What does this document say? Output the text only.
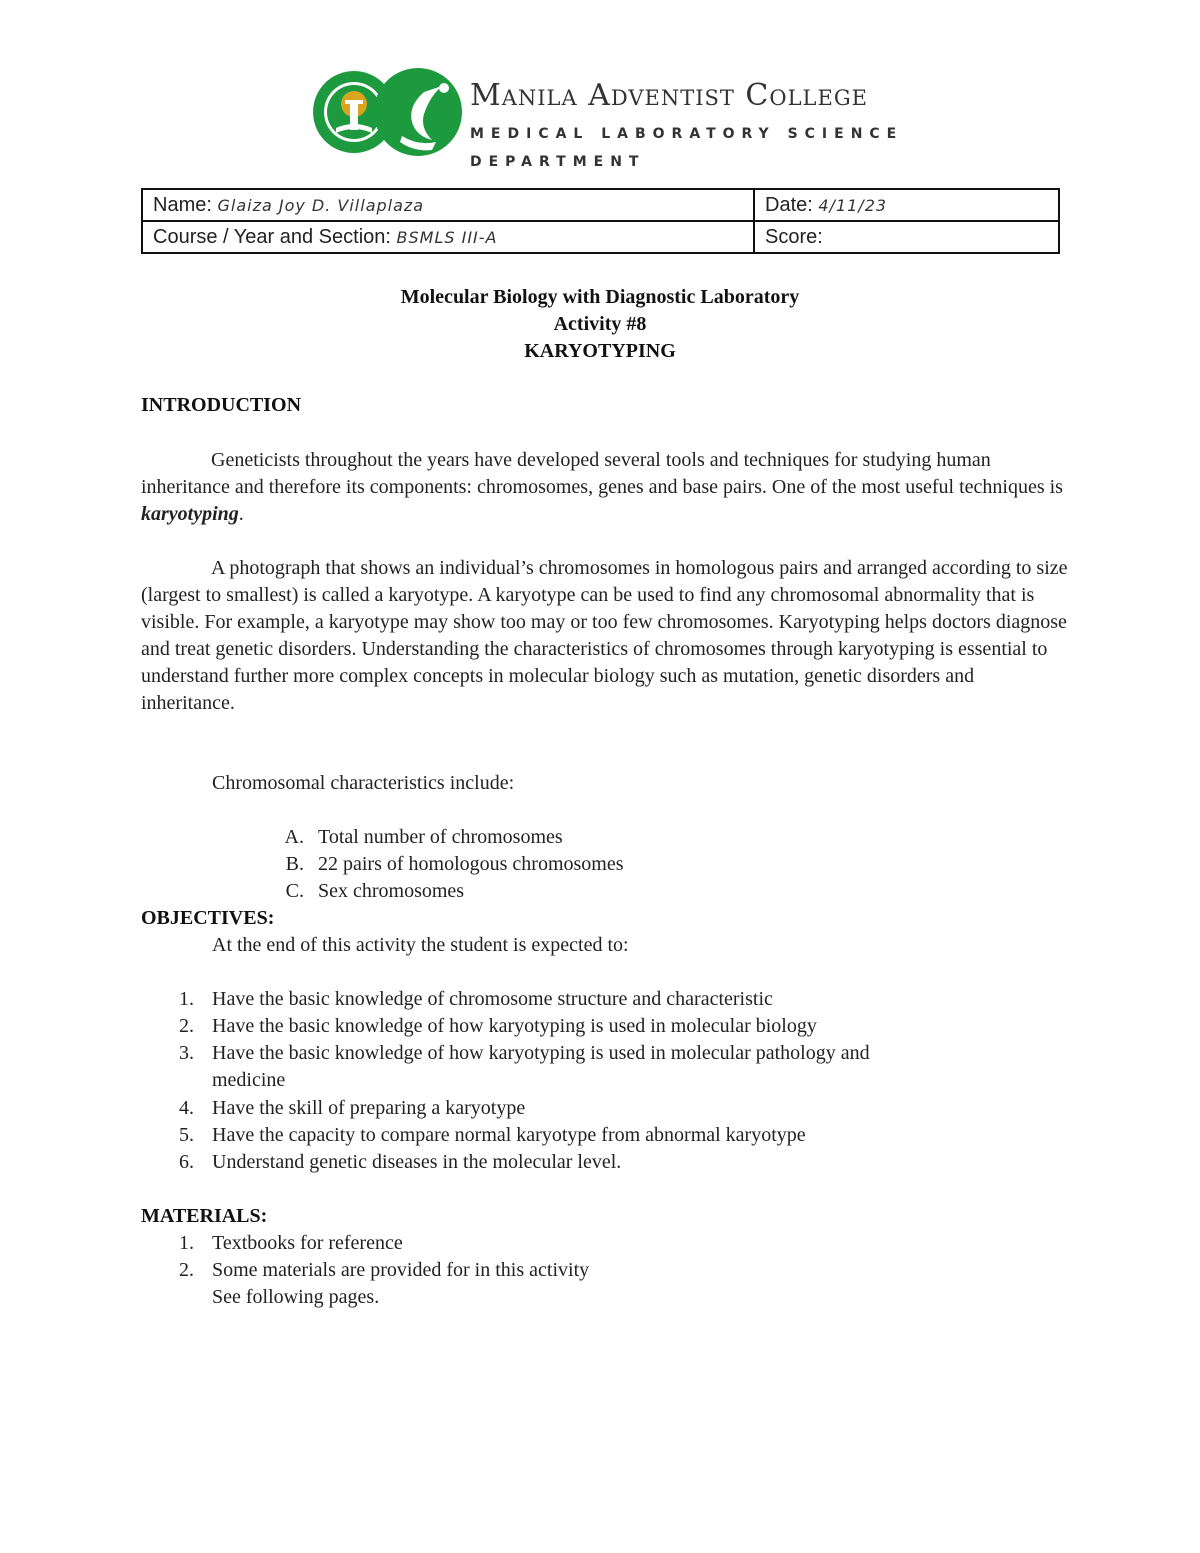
Manila Adventist College
MEDICAL LABORATORY SCIENCE
DEPARTMENT
Name: Glaiza Joy D. Villaplaza	Date: 4/11/23
Course / Year and Section: BSMLS III-A	Score:
Molecular Biology with Diagnostic Laboratory
Activity #8
KARYOTYPING
INTRODUCTION

Geneticists throughout the years have developed several tools and techniques for studying human inheritance and therefore its components: chromosomes, genes and base pairs. One of the most useful techniques is karyotyping.

A photograph that shows an individual’s chromosomes in homologous pairs and arranged according to size (largest to smallest) is called a karyotype. A karyotype can be used to find any chromosomal abnormality that is visible. For example, a karyotype may show too may or too few chromosomes. Karyotyping helps doctors diagnose and treat genetic disorders. Understanding the characteristics of chromosomes through karyotyping is essential to understand further more complex concepts in molecular biology such as mutation, genetic disorders and inheritance.

Chromosomal characteristics include:
A. Total number of chromosomes
B. 22 pairs of homologous chromosomes
C. Sex chromosomes
OBJECTIVES:
At the end of this activity the student is expected to:
1. Have the basic knowledge of chromosome structure and characteristic
2. Have the basic knowledge of how karyotyping is used in molecular biology
3. Have the basic knowledge of how karyotyping is used in molecular pathology and
medicine
4. Have the skill of preparing a karyotype
5. Have the capacity to compare normal karyotype from abnormal karyotype
6. Understand genetic diseases in the molecular level.
MATERIALS:
1. Textbooks for reference
2. Some materials are provided for in this activity
See following pages.
